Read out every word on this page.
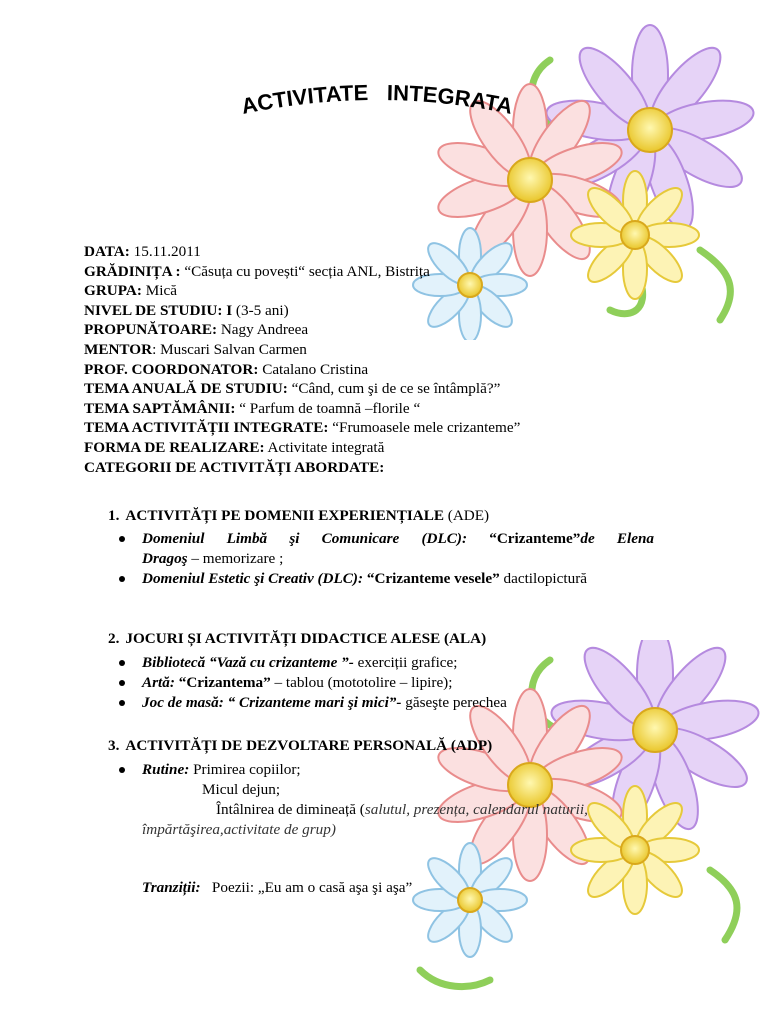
ACTIVITATE   INTEGRATA
DATA: 15.11.2011
GRĂDINIȚA : “Căsuța cu povești“ secția ANL, Bistrița
GRUPA: Mică
NIVEL DE STUDIU: I (3-5 ani)
PROPUNĂTOARE: Nagy Andreea
MENTOR: Muscari Salvan Carmen
PROF. COORDONATOR: Catalano Cristina
TEMA ANUALĂ DE STUDIU: “Când, cum şi de ce se întâmplă?”
TEMA SAPTĂMÂNII: “ Parfum de toamnă –florile “
TEMA ACTIVITĂȚII INTEGRATE: “Frumoasele mele crizanteme”
FORMA DE REALIZARE: Activitate integrată
CATEGORII DE ACTIVITĂȚI ABORDATE:
1. ACTIVITĂȚI PE DOMENII EXPERIENȚIALE (ADE)
Domeniul Limbă şi Comunicare (DLC): “Crizanteme”de Elena
Dragoş – memorizare ;
Domeniul Estetic şi Creativ (DLC): “Crizanteme vesele” dactilopictură
2. JOCURI ȘI ACTIVITĂȚI DIDACTICE ALESE (ALA)
Bibliotecă “Vază cu crizanteme ”- exerciții grafice;
Artă: “Crizantema” – tablou (mototolire – lipire);
Joc de masă: “ Crizanteme mari şi mici”- găseşte perechea
3. ACTIVITĂȚI DE DEZVOLTARE PERSONALĂ (ADP)
Rutine: Primirea copiilor;
Micul dejun;
Întâlnirea de dimineață (salutul, prezența, calendarul naturii,
împărtăşirea,activitate de grup)
Tranziții:   Poezii: „Eu am o casă aşa şi aşa”
